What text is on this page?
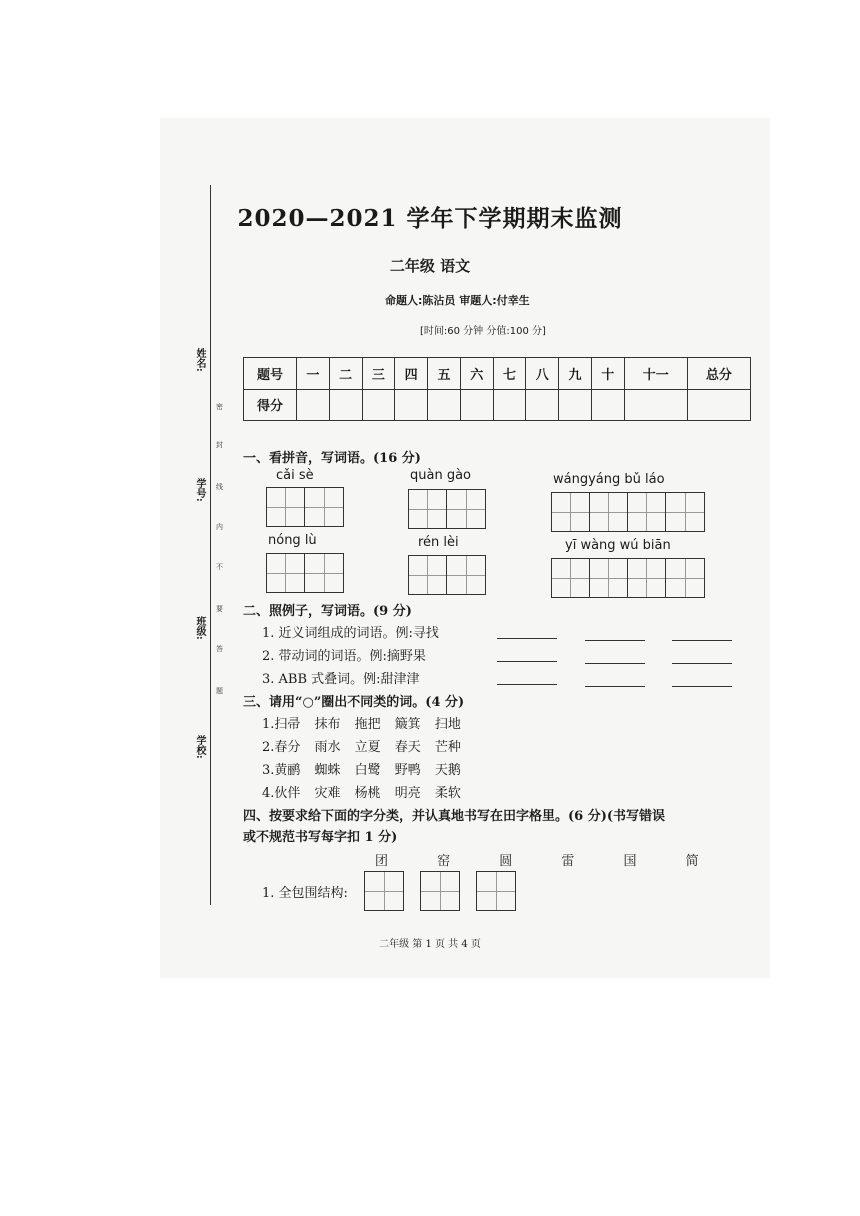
姓名:
学号:
班级:
学校:
密
封
线
内
不
要
答
题
2020—2021 学年下学期期末监测
二年级 语文
命题人:陈沾员 审题人:付幸生
[时间:60 分钟 分值:100 分]
题号	一	二	三	四	五	六	七	八	九	十	十一	总分
得分												
一、看拼音，写词语。(16 分)
cǎi sè	quàn gào	wángyáng bǔ láo
nóng lù	rén lèi	yī wàng wú biān
二、照例子，写词语。(9 分)
1. 近义词组成的词语。例:寻找
2. 带动词的词语。例:摘野果
3. ABB 式叠词。例:甜津津
三、请用“○”圈出不同类的词。(4 分)
1.扫帚 抹布 拖把 簸箕 扫地
2.春分 雨水 立夏 春天 芒种
3.黄鹂 蜘蛛 白鹭 野鸭 天鹅
4.伙伴 灾难 杨桃 明亮 柔软
四、按要求给下面的字分类，并认真地书写在田字格里。(6 分)(书写错误
或不规范书写每字扣 1 分)
团 窑 圆 雷 国 简
1. 全包围结构:
二年级 第 1 页 共 4 页
